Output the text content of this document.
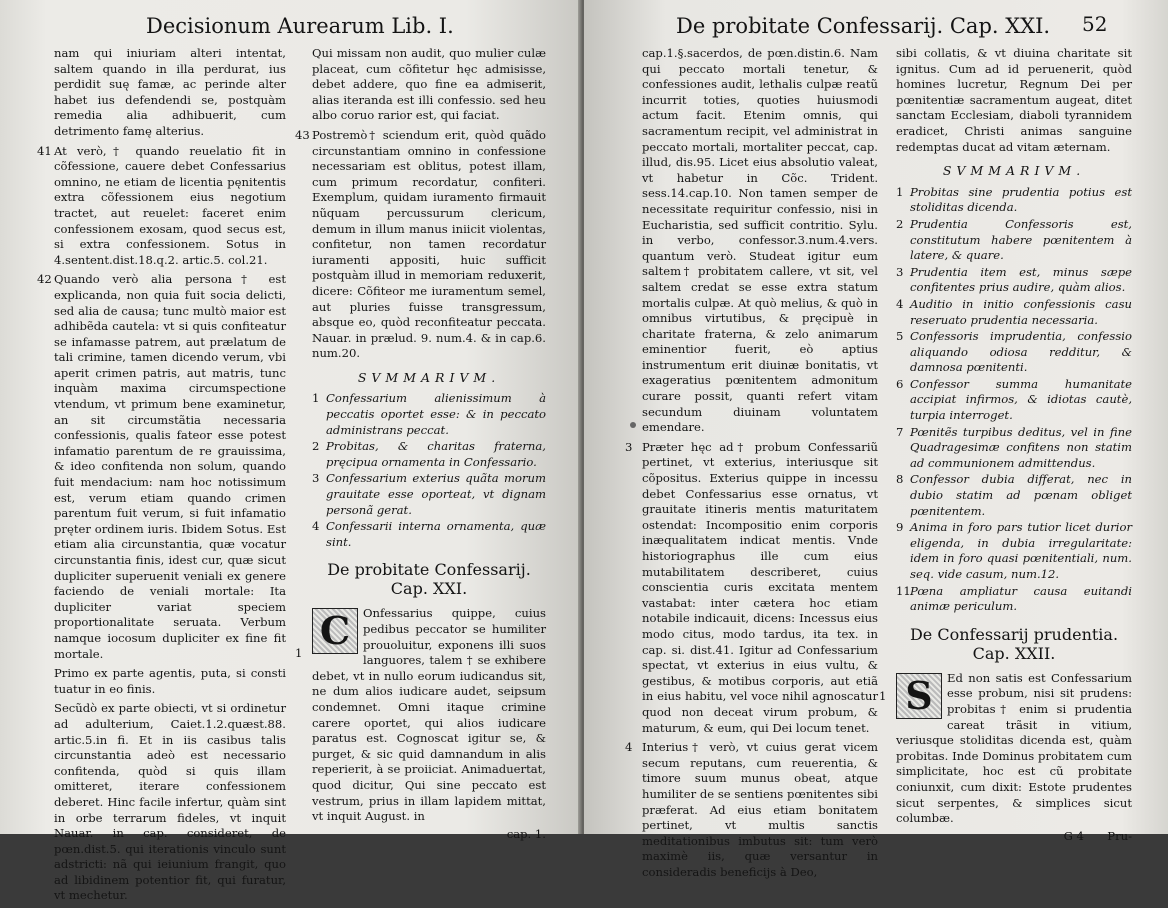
Decisionum Aurearum Lib. I.

nam qui iniuriam alteri intentat, saltem quando in illa perdurat, ius perdidit suę famæ, ac perinde alter habet ius defendendi se, postquàm remedia alia adhibuerit, cum detrimento famę alterius.

41 At verò,† quando reuelatio fit in cõfessione, cauere debet Confessarius omnino, ne etiam de licentia pęnitentis extra cõfessionem eius negotium tractet, aut reuelet: faceret enim confessionem exosam, quod secus est, si extra confessionem. Sotus in 4.sentent.dist.18.q.2. artic.5. col.21.

42 Quando verò alia persona† est explicanda, non quia fuit socia delicti, sed alia de causa; tunc multò maior est adhibẽda cautela: vt si quis confiteatur se infamasse patrem, aut prælatum de tali crimine, tamen dicendo verum, vbi aperit crimen patris, aut matris, tunc inquàm maxima circumspectione vtendum, vt primum bene examinetur, an sit circumstãtia necessaria confessionis, qualis fateor esse potest infamatio parentum de re grauissima, & ideo confitenda non solum, quando fuit mendacium: nam hoc notissimum est, verum etiam quando crimen parentum fuit verum, si fuit infamatio pręter ordinem iuris. Ibidem Sotus. Est etiam alia circunstantia, quæ vocatur circunstantia finis, idest cur, quæ sicut dupliciter superuenit veniali ex genere faciendo de veniali mortale: Ita dupliciter variat speciem proportionalitate seruata. Verbum namque iocosum dupliciter ex fine fit mortale.

Primo ex parte agentis, puta, si consti tuatur in eo finis.

Secũdò ex parte obiecti, vt si ordinetur ad adulterium, Caiet.1.2.quæst.88. artic.5.in fi. Et in iis casibus talis circunstantia adeò est necessario confitenda, quòd si quis illam omitteret, iterare confessionem deberet. Hinc facile infertur, quàm sint in orbe terrarum fideles, vt inquit Nauar. in cap. consideret, de pœn.dist.5. qui iterationis vinculo sunt adstricti: nã qui ieiunium frangit, quo ad libidinem potentior fit, qui furatur, vt mechetur.

Qui missam non audit, quo mulier culæ placeat, cum cõfitetur hęc admisisse, debet addere, quo fine ea admiserit, alias iteranda est illi confessio. sed heu albo coruo rarior est, qui faciat.

43 Postremò† sciendum erit, quòd quãdo circunstantiam omnino in confessione necessariam est oblitus, potest illam, cum primum recordatur, confiteri. Exemplum, quidam iuramento firmauit nũquam percussurum clericum, demum in illum manus iniicit violentas, confitetur, non tamen recordatur iuramenti appositi, huic sufficit postquàm illud in memoriam reduxerit, dicere: Cõfiteor me iuramentum semel, aut pluries fuisse transgressum, absque eo, quòd reconfiteatur peccata. Nauar. in prælud. 9. num.4. & in cap.6. num.20.

SVMMARIVM.
1 Confessarium alienissimum à peccatis oportet esse: & in peccato administrans peccat.
2 Probitas, & charitas fraterna, pręcipua ornamenta in Confessario.
3 Confessarium exterius quãta morum grauitate esse oporteat, vt dignam personã gerat.
4 Confessarii interna ornamenta, quæ sint.
De probitate Confessarij.
Cap. XXI.
1 C	Onfessarius quippe, cuius pedibus peccator se humiliter prouoluitur, exponens illi suos languores, talem † se exhibere debet, vt in nullo eorum iudicandus sit, ne dum alios iudicare audet, seipsum condemnet. Omni itaque crimine carere oportet, qui alios iudicare paratus est. Cognoscat igitur se, & purget, & sic quid damnandum in alis reperierit, à se proiiciat. Animaduertat, quod dicitur, Qui sine peccato est vestrum, prius in illam lapidem mittat, vt inquit August. in
cap. 1.
De probitate Confessarij. Cap. XXI. 52

cap.1.§.sacerdos, de pœn.distin.6. Nam qui peccato mortali tenetur, & confessiones audit, lethalis culpæ reatũ incurrit toties, quoties huiusmodi actum facit. Etenim omnis, qui sacramentum recipit, vel administrat in peccato mortali, mortaliter peccat, cap. illud, dis.95. Licet eius absolutio valeat, vt habetur in Cõc. Trident. sess.14.cap.10. Non tamen semper de necessitate requiritur confessio, nisi in Eucharistia, sed sufficit contritio. Sylu. in verbo, confessor.3.num.4.vers. quantum verò. Studeat igitur eum saltem† probitatem callere, vt sit, vel saltem credat se esse extra statum mortalis culpæ. At quò melius, & quò in omnibus virtutibus, & pręcipuè in charitate fraterna, & zelo animarum eminentior fuerit, eò aptius instrumentum erit diuinæ bonitatis, vt exageratius pœnitentem admonitum curare possit, quanti refert vitam secundum diuinam voluntatem emendare.

3 Prӕter hęc ad† probum Confessariũ pertinet, vt exterius, interiusque sit cõpositus. Exterius quippe in incessu debet Confessarius esse ornatus, vt grauitate itineris mentis maturitatem ostendat: Incompositio enim corporis inæqualitatem indicat mentis. Vnde historiographus ille cum eius mutabilitatem describeret, cuius conscientia curis excitata mentem vastabat: inter cætera hoc etiam notabile indicauit, dicens: Incessus eius modo citus, modo tardus, ita tex. in cap. si. dist.41. Igitur ad Confessarium spectat, vt exterius in eius vultu, & gestibus, & motibus corporis, aut etiã in eius habitu, vel voce nihil agnoscatur quod non deceat virum probum, & maturum, & eum, qui Dei locum tenet.

4 Interius† verò, vt cuius gerat vicem secum reputans, cum reuerentia, & timore suum munus obeat, atque humiliter de se sentiens pœnitentes sibi præferat. Ad eius etiam bonitatem pertinet, vt multis sanctis meditationibus imbutus sit: tum verò maximè iis, quæ versantur in consideradis beneficijs à Deo,

sibi collatis, & vt diuina charitate sit ignitus. Cum ad id peruenerit, quòd homines lucretur, Regnum Dei per pœnitentiæ sacramentum augeat, ditet sanctam Ecclesiam, diaboli tyrannidem eradicet, Christi animas sanguine redemptas ducat ad vitam æternam.

SVMMARIVM.
1 Probitas sine prudentia potius est stoliditas dicenda.
2 Prudentia Confessoris est, constitutum habere pœnitentem à latere, & quare.
3 Prudentia item est, minus sæpe confitentes prius audire, quàm alios.
4 Auditio in initio confessionis casu reseruato prudentia necessaria.
5 Confessoris imprudentia, confessio aliquando odiosa redditur, & damnosa pœnitenti.
6 Confessor summa humanitate accipiat infirmos, & idiotas cautè, turpia interroget.
7 Pœnitẽs turpibus deditus, vel in fine Quadragesimæ confitens non statim ad communionem admittendus.
8 Confessor dubia differat, nec in dubio statim ad pœnam obliget pœnitentem.
9 Anima in foro pars tutior licet durior eligenda, in dubia irregularitate: idem in foro quasi pœnitentiali, num. seq. vide casum, num.12.
11 Pœna ampliatur causa euitandi animæ periculum.
De Confessarij prudentia.
Cap. XXII.
1 S	Ed non satis est Confessarium esse probum, nisi sit prudens: probitas† enim si prudentia careat trãsit in vitium, veriusque stoliditas dicenda est, quàm probitas. Inde Dominus probitatem cum simplicitate, hoc est cũ probitate coniunxit, cum dixit: Estote prudentes sicut serpentes, & simplices sicut columbæ.
G 4 Pru-
